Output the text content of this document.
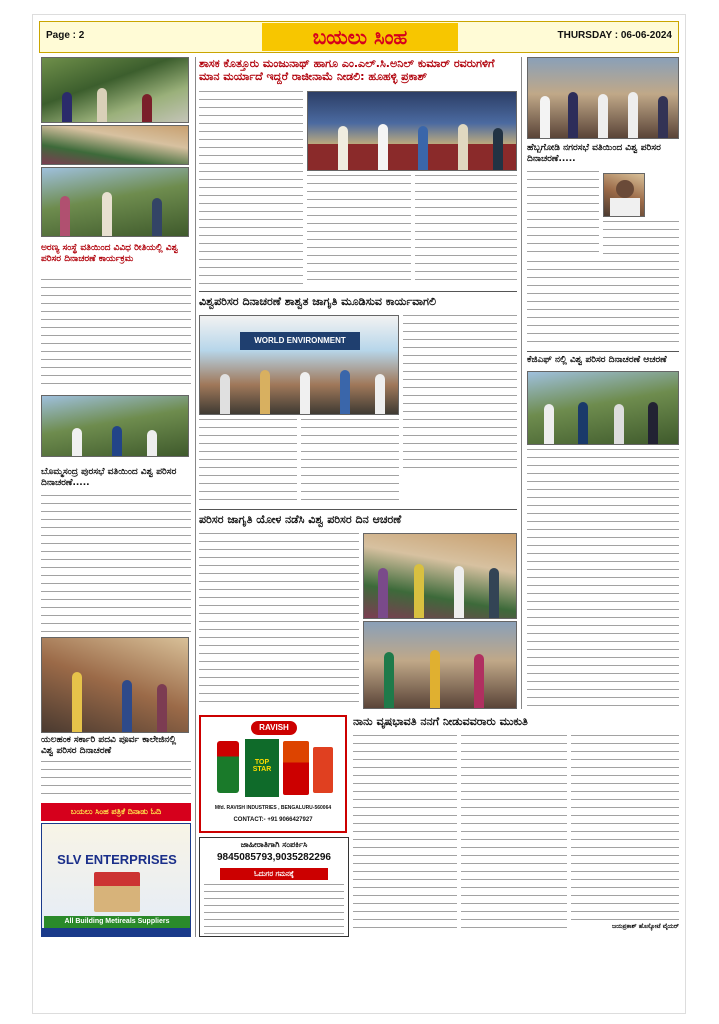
Page : 2	ಬಯಲು ಸಿಂಹ	THURSDAY : 06-06-2024
ಅರಣ್ಯ ಸಂಸ್ಥೆ ವತಿಯಿಂದ ವಿವಿಧ ರೀತಿಯಲ್ಲಿ ವಿಶ್ವ ಪರಿಸರ ದಿನಾಚರಣೆ ಕಾರ್ಯಕ್ರಮ
ಬೊಮ್ಮಸಂದ್ರ ಪುರಸಭೆ ವತಿಯಿಂದ ವಿಶ್ವ ಪರಿಸರ ದಿನಾಚರಣೆ.....
ಯಲಹಂಕ ಸರ್ಕಾರಿ ಪದವಿ ಪೂರ್ವ ಕಾಲೇಜಿನಲ್ಲಿ ವಿಶ್ವ ಪರಿಸರ ದಿನಾಚರಣೆ
ಬಯಲು ಸಿಂಹ ಪತ್ರಿಕೆ ದಿನಾಡು ಓದಿ
SLV ENTERPRISES
All Building Metireals Suppliers
ಶಾಸಕ ಕೊತ್ತೂರು ಮಂಜುನಾಥ್ ಹಾಗೂ ಎಂ.ಎಲ್.ಸಿ.ಅನಿಲ್ ಕುಮಾರ್ ರವರುಗಳಿಗೆ ಮಾನ ಮರ್ಯಾದೆ ಇದ್ದರೆ ರಾಜೀನಾಮೆ ನೀಡಲಿ: ಹೂಹಳ್ಳಿ ಪ್ರಕಾಶ್
ವಿಶ್ವಪರಿಸರ ದಿನಾಚರಣೆ ಶಾಶ್ವತ ಜಾಗೃತಿ ಮೂಡಿಸುವ ಕಾರ್ಯವಾಗಲಿ
WORLD ENVIRONMENT
ಪರಿಸರ ಜಾಗೃತಿ ಯೋಳ ನಡೆಸಿ ವಿಶ್ವ ಪರಿಸರ ದಿನ ಆಚರಣೆ
RAVISH
TOP STAR
Mfd. RAVISH INDUSTRIES , BENGALURU-560064
CONTACT:- +91 9066427927
ಜಾಹೀರಾತಿಗಾಗಿ ಸಂಪರ್ಕಿಸಿ
9845085793,9035282296
ಓದುಗರ ಗಮನಕ್ಕೆ
ನಾನು ವೃಷಭಾವತಿ ನನಗೆ ನೀಡುವವರಾರು ಮುಕುತಿ
ಜಯಪ್ರಕಾಶ್ ಹೊಸ್ಕೋಟೆ ವೈಯರ್
ಹೆಬ್ಬಗೋಡಿ ನಗರಸಭೆ ವತಿಯಿಂದ ವಿಶ್ವ ಪರಿಸರ ದಿನಾಚರಣೆ.....
ಕೆಜಿಎಫ್ ನಲ್ಲಿ ವಿಶ್ವ ಪರಿಸರ ದಿನಾಚರಣೆ ಆಚರಣೆ
